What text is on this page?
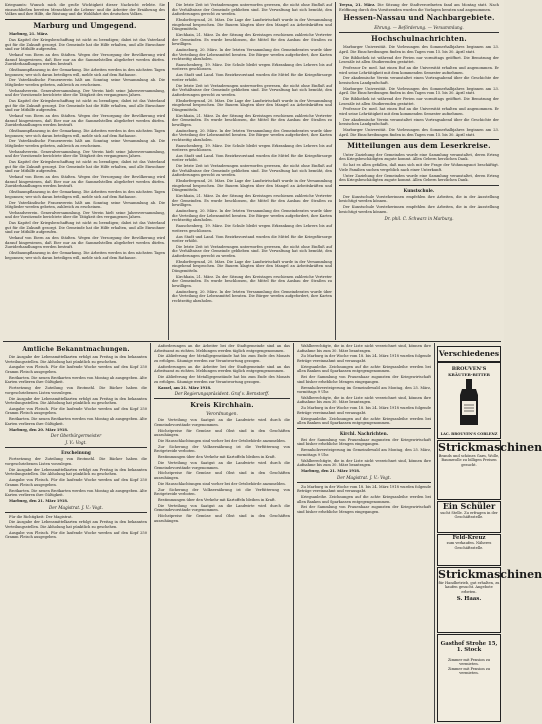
Kriegsamts: Wunsch mich die große Wichtigkeit dieser Nachricht erlebte. Sie einzuschließen bereiten Menschheit die Lebens- und die Arbeiter der Ernährung des Volkes und ihre Hilfe, die Rüstung und die Wohlfahrt des deutschen Volkes.

Marburg und Umgegend.

Marburg, 21. März.

Das Kapitel der Kriegsbeschaffung ist nicht zu beendigen; dabei ist das Vaterland gut für die Zukunft gesorgt. Die Gemeinde hat die Hilfe erhalten, und alle Einwohner sind zur Mithilfe aufgerufen.

Verkauf von Eiern an den Städten. Wegen der Versorgung der Bevölkerung wird darauf hingewiesen, daß Eier nur an die Sammelstellen abgeliefert werden dürfen. Zuwiderhandlungen werden bestraft.

Obstbaumpflanzung in der Gemarkung. Die Arbeiten werden in den nächsten Tagen begonnen; wer sich daran beteiligen will, melde sich auf dem Rathause.

Der Vaterländische Frauenverein hält am Sonntag seine Versammlung ab. Die Mitglieder werden gebeten, zahlreich zu erscheinen.

Verbandsverein. Generalversammlung. Der Verein hielt seine Jahresversammlung, und der Vorsitzende berichtete über die Tätigkeit des vergangenen Jahres.

Das Kapitel der Kriegsbeschaffung ist nicht zu beendigen; dabei ist das Vaterland gut für die Zukunft gesorgt. Die Gemeinde hat die Hilfe erhalten, und alle Einwohner sind zur Mithilfe aufgerufen.

Verkauf von Eiern an den Städten. Wegen der Versorgung der Bevölkerung wird darauf hingewiesen, daß Eier nur an die Sammelstellen abgeliefert werden dürfen. Zuwiderhandlungen werden bestraft.

Obstbaumpflanzung in der Gemarkung. Die Arbeiten werden in den nächsten Tagen begonnen; wer sich daran beteiligen will, melde sich auf dem Rathause.

Der Vaterländische Frauenverein hält am Sonntag seine Versammlung ab. Die Mitglieder werden gebeten, zahlreich zu erscheinen.

Verbandsverein. Generalversammlung. Der Verein hielt seine Jahresversammlung, und der Vorsitzende berichtete über die Tätigkeit des vergangenen Jahres.

Das Kapitel der Kriegsbeschaffung ist nicht zu beendigen; dabei ist das Vaterland gut für die Zukunft gesorgt. Die Gemeinde hat die Hilfe erhalten, und alle Einwohner sind zur Mithilfe aufgerufen.

Verkauf von Eiern an den Städten. Wegen der Versorgung der Bevölkerung wird darauf hingewiesen, daß Eier nur an die Sammelstellen abgeliefert werden dürfen. Zuwiderhandlungen werden bestraft.

Obstbaumpflanzung in der Gemarkung. Die Arbeiten werden in den nächsten Tagen begonnen; wer sich daran beteiligen will, melde sich auf dem Rathause.

Der Vaterländische Frauenverein hält am Sonntag seine Versammlung ab. Die Mitglieder werden gebeten, zahlreich zu erscheinen.

Verbandsverein. Generalversammlung. Der Verein hielt seine Jahresversammlung, und der Vorsitzende berichtete über die Tätigkeit des vergangenen Jahres.

Das Kapitel der Kriegsbeschaffung ist nicht zu beendigen; dabei ist das Vaterland gut für die Zukunft gesorgt. Die Gemeinde hat die Hilfe erhalten, und alle Einwohner sind zur Mithilfe aufgerufen.

Verkauf von Eiern an den Städten. Wegen der Versorgung der Bevölkerung wird darauf hingewiesen, daß Eier nur an die Sammelstellen abgeliefert werden dürfen. Zuwiderhandlungen werden bestraft.

Obstbaumpflanzung in der Gemarkung. Die Arbeiten werden in den nächsten Tagen begonnen; wer sich daran beteiligen will, melde sich auf dem Rathause.

Die letzte Zeit ist Veränderungen unterworfen gewesen, die nicht ohne Einfluß auf die Verhältnisse der Gemeinde geblieben sind. Die Verwaltung hat sich bemüht, den Anforderungen gerecht zu werden.

Ebsdorfergrund, 20. März. Die Lage der Landwirtschaft wurde in der Versammlung eingehend besprochen. Die Bauern klagten über den Mangel an Arbeitskräften und Düngemitteln.

Kirchhain, 21. März. Zu der Sitzung des Kreistages erschienen zahlreiche Vertreter der Gemeinden. Es wurde beschlossen, die Mittel für den Ausbau der Straßen zu bewilligen.

Amöneburg, 20. März. In der letzten Versammlung des Gemeinderates wurde über die Verteilung der Lebensmittel beraten. Die Bürger werden aufgefordert, ihre Karten rechtzeitig abzuholen.

Rauschenberg, 19. März. Die Schule bleibt wegen Erkrankung des Lehrers bis auf weiteres geschlossen.

Aus Stadt und Land. Vom Bezirksvorstand wurden die Mittel für die Kriegsfürsorge weiter erhöht.

Die letzte Zeit ist Veränderungen unterworfen gewesen, die nicht ohne Einfluß auf die Verhältnisse der Gemeinde geblieben sind. Die Verwaltung hat sich bemüht, den Anforderungen gerecht zu werden.

Ebsdorfergrund, 20. März. Die Lage der Landwirtschaft wurde in der Versammlung eingehend besprochen. Die Bauern klagten über den Mangel an Arbeitskräften und Düngemitteln.

Kirchhain, 21. März. Zu der Sitzung des Kreistages erschienen zahlreiche Vertreter der Gemeinden. Es wurde beschlossen, die Mittel für den Ausbau der Straßen zu bewilligen.

Amöneburg, 20. März. In der letzten Versammlung des Gemeinderates wurde über die Verteilung der Lebensmittel beraten. Die Bürger werden aufgefordert, ihre Karten rechtzeitig abzuholen.

Rauschenberg, 19. März. Die Schule bleibt wegen Erkrankung des Lehrers bis auf weiteres geschlossen.

Aus Stadt und Land. Vom Bezirksvorstand wurden die Mittel für die Kriegsfürsorge weiter erhöht.

Die letzte Zeit ist Veränderungen unterworfen gewesen, die nicht ohne Einfluß auf die Verhältnisse der Gemeinde geblieben sind. Die Verwaltung hat sich bemüht, den Anforderungen gerecht zu werden.

Ebsdorfergrund, 20. März. Die Lage der Landwirtschaft wurde in der Versammlung eingehend besprochen. Die Bauern klagten über den Mangel an Arbeitskräften und Düngemitteln.

Kirchhain, 21. März. Zu der Sitzung des Kreistages erschienen zahlreiche Vertreter der Gemeinden. Es wurde beschlossen, die Mittel für den Ausbau der Straßen zu bewilligen.

Amöneburg, 20. März. In der letzten Versammlung des Gemeinderates wurde über die Verteilung der Lebensmittel beraten. Die Bürger werden aufgefordert, ihre Karten rechtzeitig abzuholen.

Rauschenberg, 19. März. Die Schule bleibt wegen Erkrankung des Lehrers bis auf weiteres geschlossen.

Aus Stadt und Land. Vom Bezirksvorstand wurden die Mittel für die Kriegsfürsorge weiter erhöht.

Die letzte Zeit ist Veränderungen unterworfen gewesen, die nicht ohne Einfluß auf die Verhältnisse der Gemeinde geblieben sind. Die Verwaltung hat sich bemüht, den Anforderungen gerecht zu werden.

Ebsdorfergrund, 20. März. Die Lage der Landwirtschaft wurde in der Versammlung eingehend besprochen. Die Bauern klagten über den Mangel an Arbeitskräften und Düngemitteln.

Kirchhain, 21. März. Zu der Sitzung des Kreistages erschienen zahlreiche Vertreter der Gemeinden. Es wurde beschlossen, die Mittel für den Ausbau der Straßen zu bewilligen.

Amöneburg, 20. März. In der letzten Versammlung des Gemeinderates wurde über die Verteilung der Lebensmittel beraten. Die Bürger werden aufgefordert, ihre Karten rechtzeitig abzuholen.

Treysa, 21. März. Die Sitzung der Stadtverordneten fand am Montag statt. Nach Eröffnung durch den Vorsitzenden wurden die Vorlagen beraten und angenommen.

Hessen-Nassau und Nachbargebiete.
Ehrung. — Beförderung. — Versammlung.
Hochschulnachrichten.

Marburger Universität. Die Vorlesungen des Sommerhalbjahres beginnen am 23. April. Die Einschreibungen finden in den Tagen vom 15. bis 30. April statt.

Die Bibliothek ist während der Ferien nur vormittags geöffnet. Die Benutzung der Lesesäle ist allen Studierenden gestattet.

Professor Dr. med. hat einen Ruf an die Universität erhalten und angenommen. Er wird seine Lehrtätigkeit mit dem kommenden Semester aufnehmen.

Der akademische Verein veranstaltet einen Vortragsabend über die Geschichte der hessischen Landgrafschaft.

Marburger Universität. Die Vorlesungen des Sommerhalbjahres beginnen am 23. April. Die Einschreibungen finden in den Tagen vom 15. bis 30. April statt.

Die Bibliothek ist während der Ferien nur vormittags geöffnet. Die Benutzung der Lesesäle ist allen Studierenden gestattet.

Professor Dr. med. hat einen Ruf an die Universität erhalten und angenommen. Er wird seine Lehrtätigkeit mit dem kommenden Semester aufnehmen.

Der akademische Verein veranstaltet einen Vortragsabend über die Geschichte der hessischen Landgrafschaft.

Marburger Universität. Die Vorlesungen des Sommerhalbjahres beginnen am 23. April. Die Einschreibungen finden in den Tagen vom 15. bis 30. April statt.

Mitteilungen aus dem Leserkreise.

Unter Zuziehung der Gemeinden wurde eine Sammlung veranstaltet, deren Ertrag den Kriegsbeschädigten zugute kommt. Allen Gebern herzlichen Dank.

So hat es allen gefallen, daß man sich mit der Frage der Wohnungsnot beschäftigt. Viele Familien suchen vergeblich nach einer Unterkunft.

Unter Zuziehung der Gemeinden wurde eine Sammlung veranstaltet, deren Ertrag den Kriegsbeschädigten zugute kommt. Allen Gebern herzlichen Dank.

Kunstschule.

Der Kunstschule Vorsteherinnen empfehlen ihre Arbeiten, die in der Ausstellung besichtigt werden können.

Der Kunstschule Vorsteherinnen empfehlen ihre Arbeiten, die in der Ausstellung besichtigt werden können.

Dr. phil. C. Schwarz in Marburg.
Amtliche Bekanntmachungen.

Die Ausgabe der Lebensmittelkarten erfolgt am Freitag in den bekannten Verteilungsstellen. Die Abholung hat pünktlich zu geschehen.

Ausgabe von Fleisch. Für die laufende Woche werden auf den Kopf 250 Gramm Fleisch ausgegeben.

Brotkarten. Die neuen Brotkarten werden von Montag ab ausgegeben. Alte Karten verlieren ihre Gültigkeit.

Fortsetzung der Zuteilung von Brotmehl. Die Bäcker haben die vorgeschriebenen Listen vorzulegen.

Die Ausgabe der Lebensmittelkarten erfolgt am Freitag in den bekannten Verteilungsstellen. Die Abholung hat pünktlich zu geschehen.

Ausgabe von Fleisch. Für die laufende Woche werden auf den Kopf 250 Gramm Fleisch ausgegeben.

Brotkarten. Die neuen Brotkarten werden von Montag ab ausgegeben. Alte Karten verlieren ihre Gültigkeit.

Marburg, den 20. März 1918.

Der Oberbürgermeister
J. V.: Vogt.
Erscheinung

Fortsetzung der Zuteilung von Brotmehl. Die Bäcker haben die vorgeschriebenen Listen vorzulegen.

Die Ausgabe der Lebensmittelkarten erfolgt am Freitag in den bekannten Verteilungsstellen. Die Abholung hat pünktlich zu geschehen.

Ausgabe von Fleisch. Für die laufende Woche werden auf den Kopf 250 Gramm Fleisch ausgegeben.

Brotkarten. Die neuen Brotkarten werden von Montag ab ausgegeben. Alte Karten verlieren ihre Gültigkeit.

Marburg, den 21. März 1918.

Der Magistrat. J. V.: Vogt.

Für die Richtigkeit: Der Magistrat.

Die Ausgabe der Lebensmittelkarten erfolgt am Freitag in den bekannten Verteilungsstellen. Die Abholung hat pünktlich zu geschehen.

Ausgabe von Fleisch. Für die laufende Woche werden auf den Kopf 250 Gramm Fleisch ausgegeben.

Anforderungen an die Arbeiter bei der Stadtgemeinde sind an das Arbeitsamt zu richten. Meldungen werden täglich entgegengenommen.

Die Ablieferung der Metallgegenstände hat bis zum Ende des Monats zu erfolgen. Säumige werden zur Verantwortung gezogen.

Anforderungen an die Arbeiter bei der Stadtgemeinde sind an das Arbeitsamt zu richten. Meldungen werden täglich entgegengenommen.

Die Ablieferung der Metallgegenstände hat bis zum Ende des Monats zu erfolgen. Säumige werden zur Verantwortung gezogen.

Kassel, am 21. März 1918.

Der Regierungspräsident. Graf v. Bernstorff.
Kreis Kirchhain.
Verordnungen.

Die Verteilung von Saatgut an die Landwirte wird durch die Gemeindevorstände vorgenommen.

Höchstpreise für Gemüse und Obst sind in den Geschäften auszuhängen.

Die Hausschlachtungen sind vorher bei der Ortsbehörde anzumelden.

Zur Sicherung der Volksernährung ist die Verfütterung von Brotgetreide verboten.

Bestimmungen über den Verkehr mit Kartoffeln bleiben in Kraft.

Die Verteilung von Saatgut an die Landwirte wird durch die Gemeindevorstände vorgenommen.

Höchstpreise für Gemüse und Obst sind in den Geschäften auszuhängen.

Die Hausschlachtungen sind vorher bei der Ortsbehörde anzumelden.

Zur Sicherung der Volksernährung ist die Verfütterung von Brotgetreide verboten.

Bestimmungen über den Verkehr mit Kartoffeln bleiben in Kraft.

Die Verteilung von Saatgut an die Landwirte wird durch die Gemeindevorstände vorgenommen.

Höchstpreise für Gemüse und Obst sind in den Geschäften auszuhängen.

Wahlberechtigte, die in der Liste nicht verzeichnet sind, können ihre Aufnahme bis zum 30. März beantragen.

Zu Marburg in der Woche vom 18. bis 24. März 1918 wurden folgende Beträge vereinnahmt und verausgabt.

Kriegsanleihe. Zeichnungen auf die achte Kriegsanleihe werden bei allen Banken und Sparkassen entgegengenommen.

Bei der Sammlung von Frauenhaar zugunsten der Kriegswirtschaft sind bisher erhebliche Mengen eingegangen.

Brennholzversteigerung im Gemeindewald am Montag, den 25. März, vormittags 9 Uhr.

Wahlberechtigte, die in der Liste nicht verzeichnet sind, können ihre Aufnahme bis zum 30. März beantragen.

Zu Marburg in der Woche vom 18. bis 24. März 1918 wurden folgende Beträge vereinnahmt und verausgabt.

Kriegsanleihe. Zeichnungen auf die achte Kriegsanleihe werden bei allen Banken und Sparkassen entgegengenommen.

Kirchl. Nachrichten.

Bei der Sammlung von Frauenhaar zugunsten der Kriegswirtschaft sind bisher erhebliche Mengen eingegangen.

Brennholzversteigerung im Gemeindewald am Montag, den 25. März, vormittags 9 Uhr.

Wahlberechtigte, die in der Liste nicht verzeichnet sind, können ihre Aufnahme bis zum 30. März beantragen.

Marburg, den 21. März 1918.

Der Magistrat. J. V.: Vogt.

Zu Marburg in der Woche vom 18. bis 24. März 1918 wurden folgende Beträge vereinnahmt und verausgabt.

Kriegsanleihe. Zeichnungen auf die achte Kriegsanleihe werden bei allen Banken und Sparkassen entgegengenommen.

Bei der Sammlung von Frauenhaar zugunsten der Kriegswirtschaft sind bisher erhebliche Mengen eingegangen.

Verschiedenes
BROUVEN'S
KRÄUTER-BITTER
LAC. BROUVEN'S COBLENZ
Strickmaschinen
Brands und schönes Garn, Wolle, Baumwolle zu billigen Preisen gesucht.
Ein Schüler
sucht Stelle. Zu erfragen in der Geschäftsstelle.
Feld-Kreuz
zum verkaufen. Näheres Geschäftsstelle.
Strickmaschinen
für Handbetrieb, gut erhalten, zu kaufen gesucht. Angebote erbeten.
S. Haas.
Gasthof Strohe 15, 1. Stock
Zimmer mit Pension zu vermieten.
Zimmer mit Pension zu vermieten.
